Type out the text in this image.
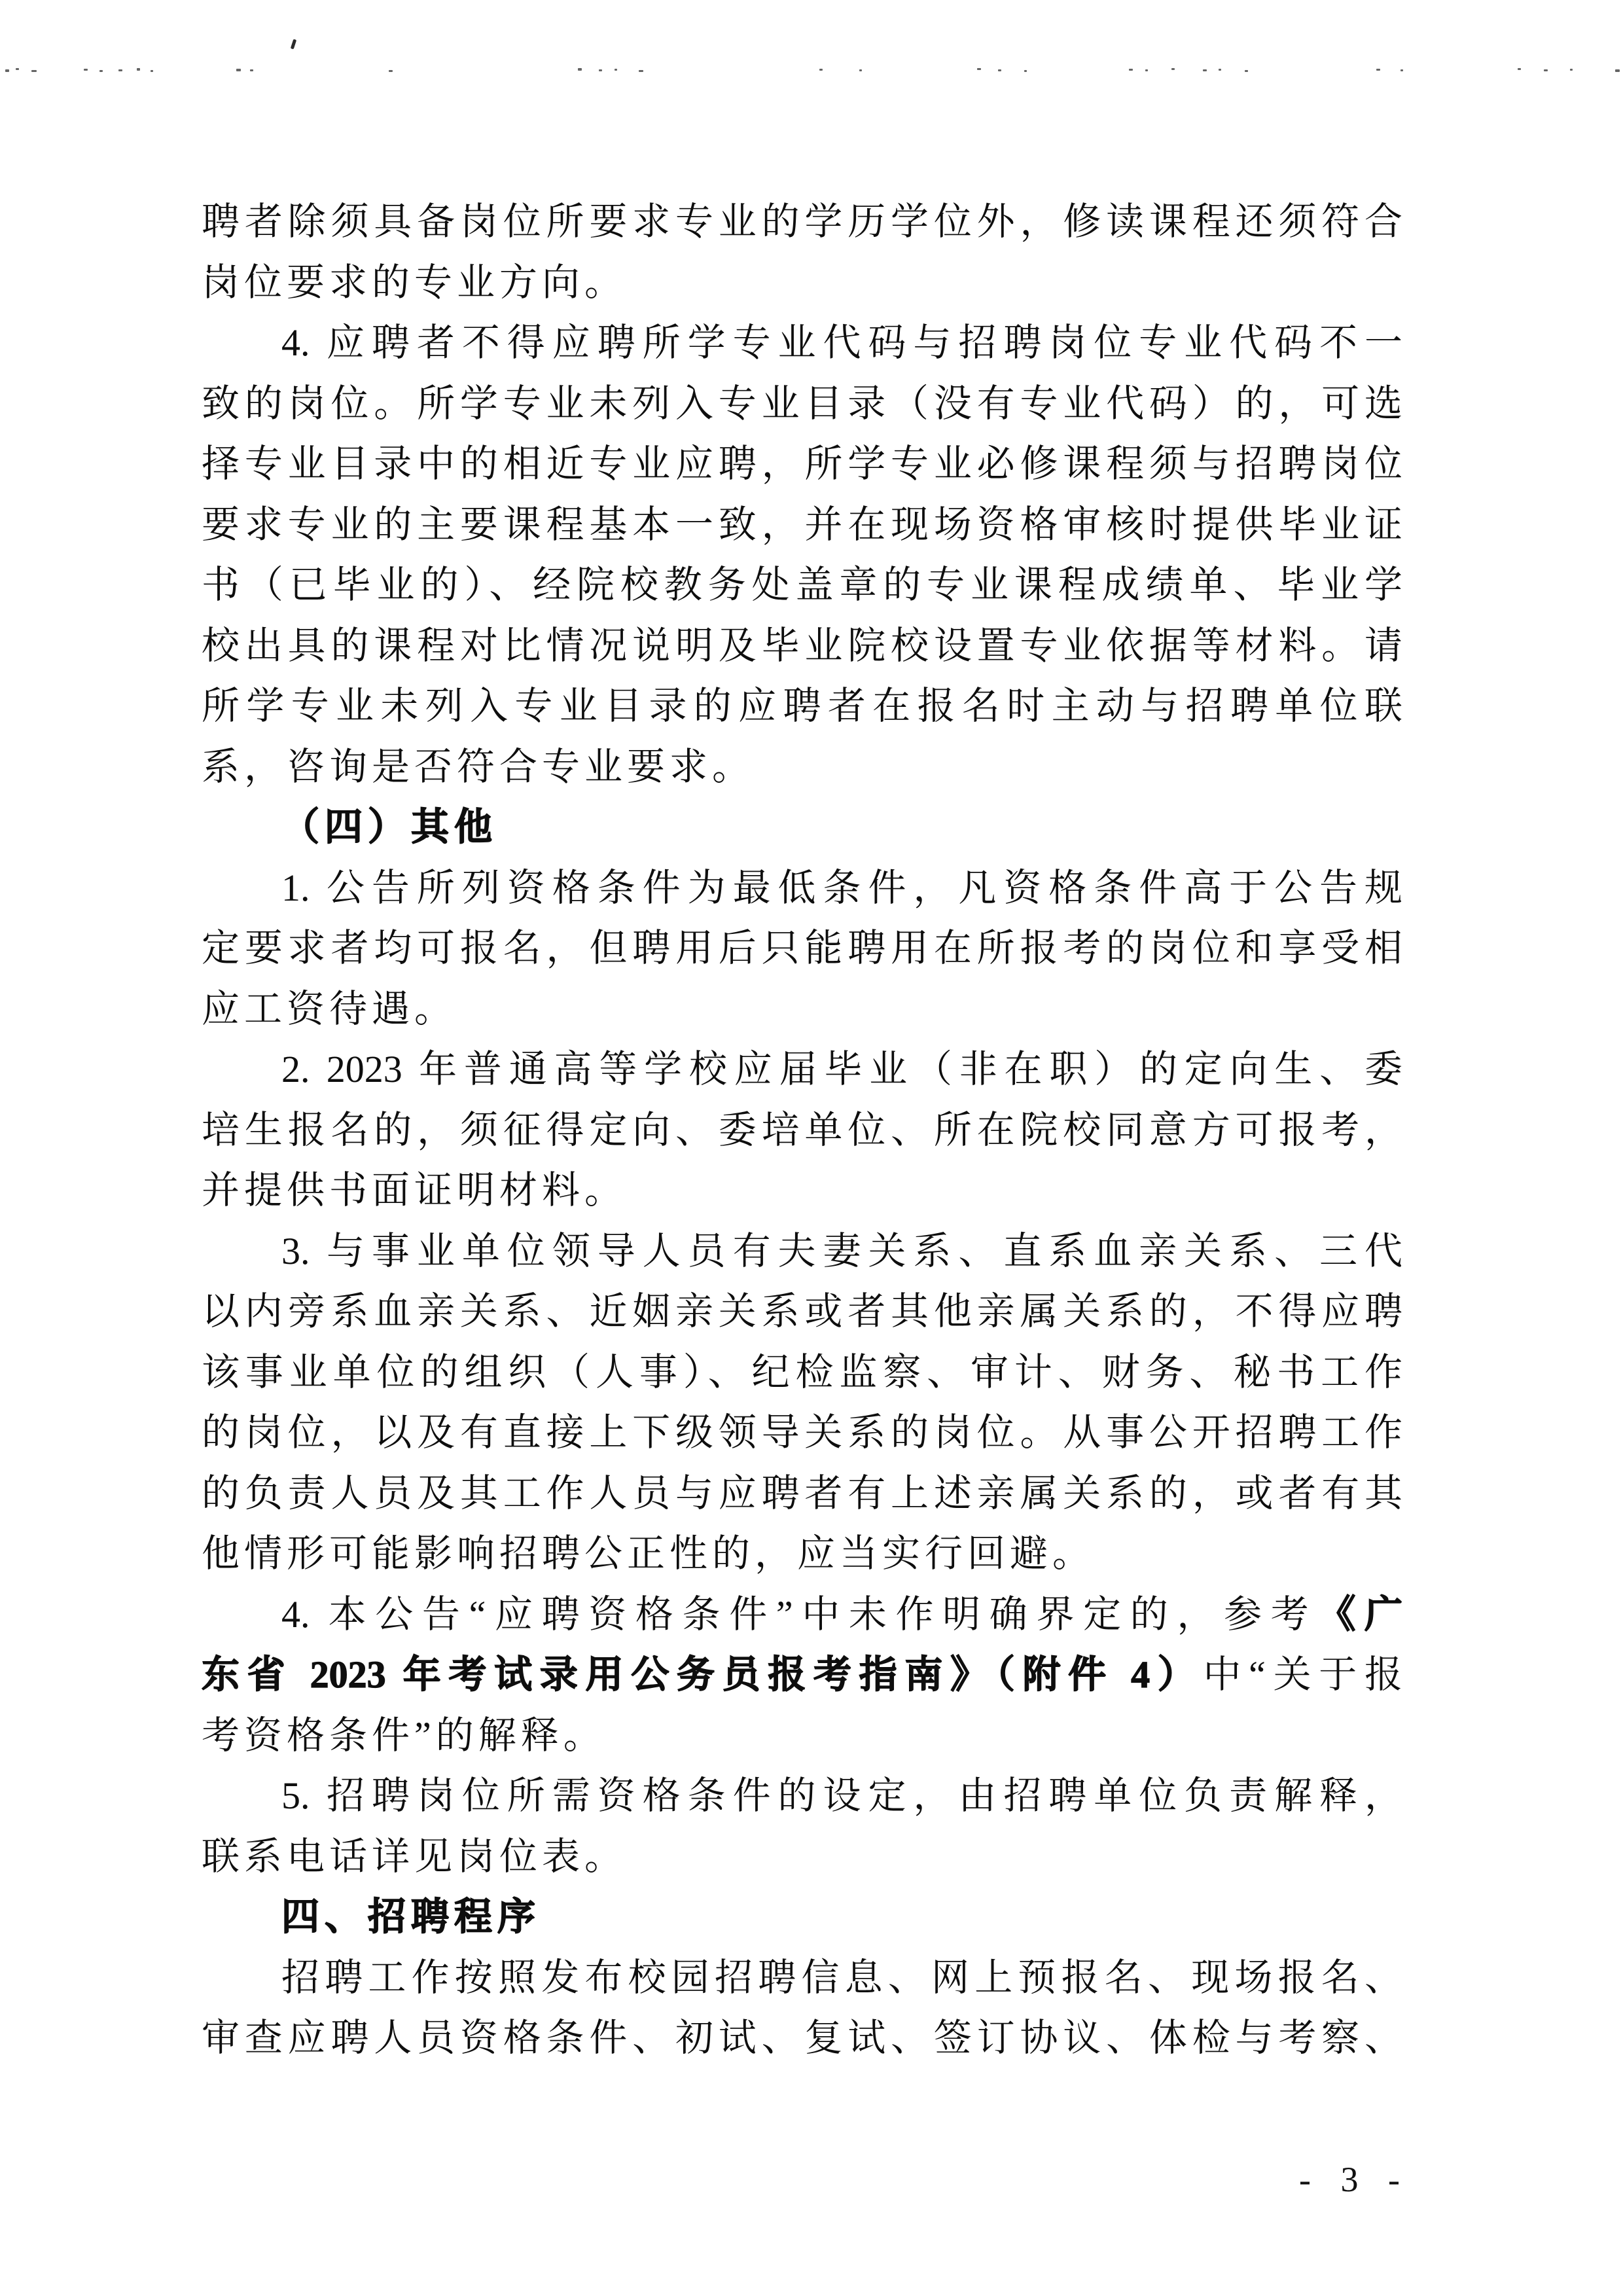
聘者除须具备岗位所要求专业的学历学位外，修读课程还须符合
岗位要求的专业方向。
4. 应聘者不得应聘所学专业代码与招聘岗位专业代码不一
致的岗位。所学专业未列入专业目录（没有专业代码）的，可选
择专业目录中的相近专业应聘，所学专业必修课程须与招聘岗位
要求专业的主要课程基本一致，并在现场资格审核时提供毕业证
书（已毕业的）、经院校教务处盖章的专业课程成绩单、毕业学
校出具的课程对比情况说明及毕业院校设置专业依据等材料。请
所学专业未列入专业目录的应聘者在报名时主动与招聘单位联
系，咨询是否符合专业要求。
（四）其他
1. 公告所列资格条件为最低条件，凡资格条件高于公告规
定要求者均可报名，但聘用后只能聘用在所报考的岗位和享受相
应工资待遇。
2. 2023 年普通高等学校应届毕业（非在职）的定向生、委
培生报名的，须征得定向、委培单位、所在院校同意方可报考，
并提供书面证明材料。
3. 与事业单位领导人员有夫妻关系、直系血亲关系、三代
以内旁系血亲关系、近姻亲关系或者其他亲属关系的，不得应聘
该事业单位的组织（人事）、纪检监察、审计、财务、秘书工作
的岗位，以及有直接上下级领导关系的岗位。从事公开招聘工作
的负责人员及其工作人员与应聘者有上述亲属关系的，或者有其
他情形可能影响招聘公正性的，应当实行回避。
4. 本公告“应聘资格条件”中未作明确界定的，参考《广
东省 2023 年考试录用公务员报考指南》（附件 4）中“关于报
考资格条件”的解释。
5. 招聘岗位所需资格条件的设定，由招聘单位负责解释，
联系电话详见岗位表。
四、招聘程序
招聘工作按照发布校园招聘信息、网上预报名、现场报名、
审查应聘人员资格条件、初试、复试、签订协议、体检与考察、
- 3 -
